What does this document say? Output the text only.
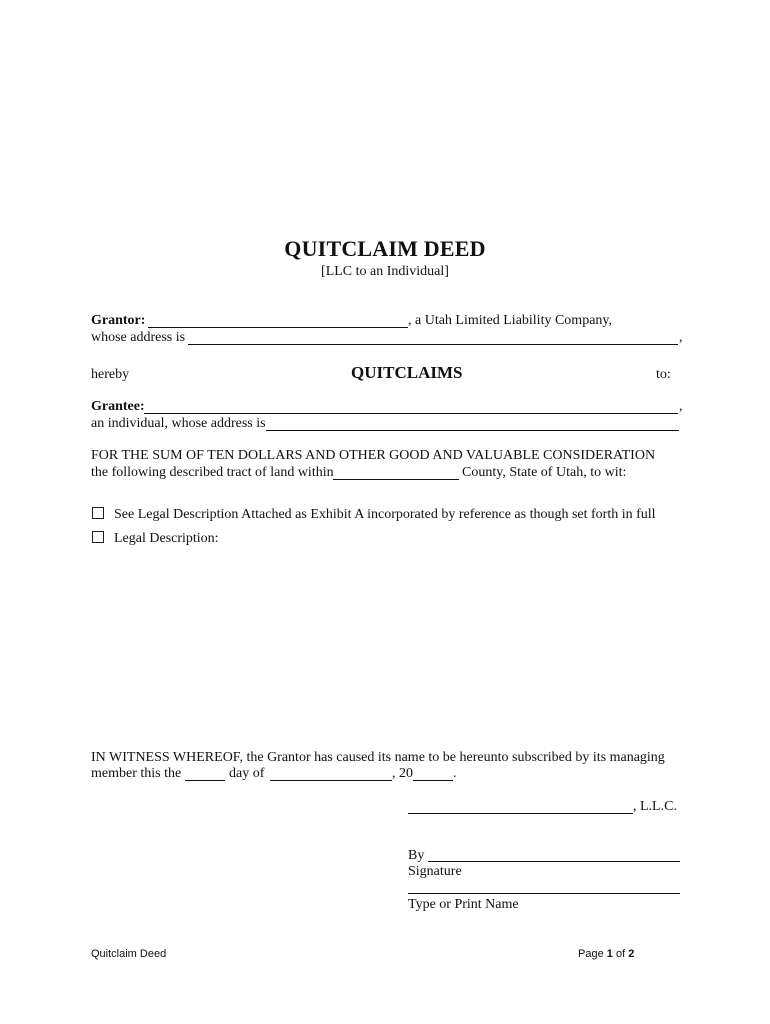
QUITCLAIM DEED
[LLC to an Individual]
Grantor:	, a Utah Limited Liability Company,
whose address is	,
hereby	QUITCLAIMS	to:
Grantee:	,
an individual, whose address is
FOR THE SUM OF TEN DOLLARS AND OTHER GOOD AND VALUABLE CONSIDERATION
the following described tract of land within	County, State of Utah, to wit:
See Legal Description Attached as Exhibit A incorporated by reference as though set forth in full
Legal Description:
IN WITNESS WHEREOF, the Grantor has caused its name to be hereunto subscribed by its managing
member this the	day of	, 20	.
, L.L.C.
By
Signature
Type or Print Name
Quitclaim Deed	Page 1 of 2
